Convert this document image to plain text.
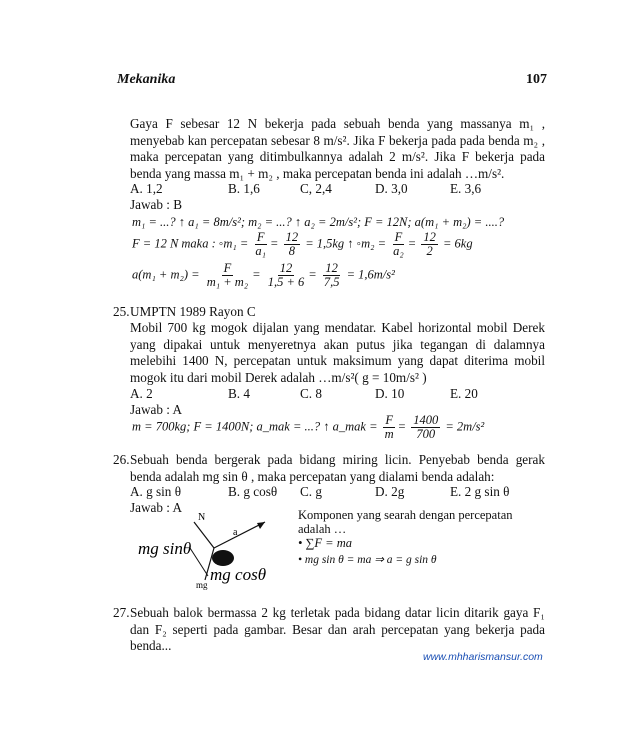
Mekanika	107

Gaya F sebesar 12 N bekerja pada sebuah benda yang massanya m₁ , menyebab kan percepatan sebesar 8 m/s². Jika F bekerja pada pada benda m₂ , maka percepatan yang ditimbulkannya adalah 2 m/s². Jika F bekerja pada benda yang massa m₁ + m₂ , maka percepatan benda ini adalah …m/s².

A. 1,2	B. 1,6	C, 2,4	D. 3,0	E. 3,6
Jawab : B
m₁ = ...? ↑ a₁ = 8m/s²; m₂ = ...? ↑ a₂ = 2m/s²; F = 12N; a(m₁ + m₂) = ....?
F = 12 N maka : ◦m₁ = $\frac{F}{\text{a₁}} = \frac{12}{8} = 1,5kg$ ↑ ◦m₂ = $\frac{F}{\text{a₂}} = \frac{12}{2} = 6kg$
$a(m_1 + m_2) = \frac{F}{\text{m₁ + m₂}} = \frac{12}{1,5 + 6} = \frac{12}{7,5} = 1,6m/s^2$
25. UMPTN 1989 Rayon C

Mobil 700 kg mogok dijalan yang mendatar. Kabel horizontal mobil Derek yang dipakai untuk menyeretnya akan putus jika tegangan di dalamnya melebihi 1400 N, percepatan untuk maksimum yang dapat diterima mobil mogok itu dari mobil Derek adalah …m/s²( g = 10m/s² )

A. 2	B. 4	C. 8	D. 10	E. 20
Jawab : A
m = 700kg; F = 1400N; a_mak = ...? ↑ a_mak = $\frac{F}{m} = \frac{1400}{700} = 2m/s^2$
26. Sebuah benda bergerak pada bidang miring licin. Penyebab benda gerak benda adalah mg sin θ , maka percepatan yang dialami benda adalah:

A. g sin θ	B. g cosθ C. g	D. 2g	E. 2 g sin θ
Jawab : A
N
a
mg sinθ
mg cosθ
mg
Komponen yang searah dengan percepatan
adalah …
• ∑F = ma
• mg sin θ = ma ⇒ a = g sin θ
27. Sebuah balok bermassa 2 kg terletak pada bidang datar licin ditarik gaya F₁ dan F₂ seperti pada gambar. Besar dan arah percepatan yang bekerja pada benda...

www.mhharismansur.com
